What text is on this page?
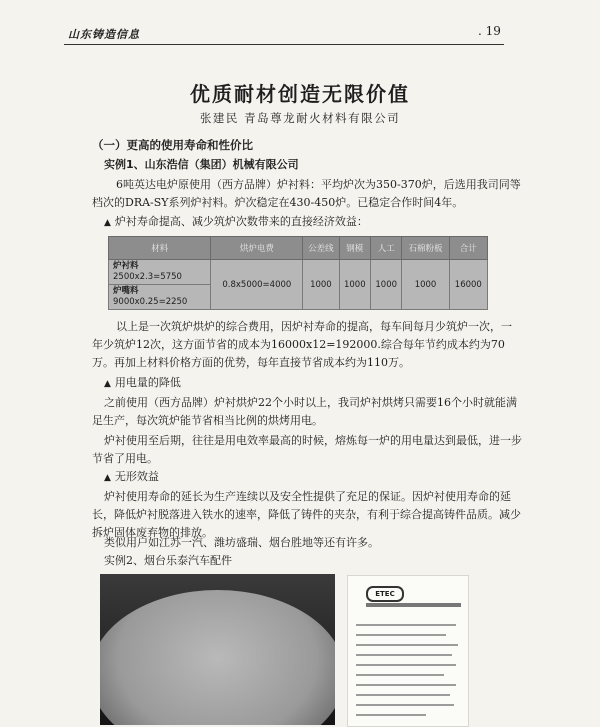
山东铸造信息	. 19
优质耐材创造无限价值
张建民 青岛尊龙耐火材料有限公司
（一）更高的使用寿命和性价比
实例1、山东浩信（集团）机械有限公司
6吨英达电炉原使用（西方品牌）炉衬料：平均炉次为350-370炉，后选用我司同等档次的DRA-SY系列炉衬料。炉次稳定在430-450炉。已稳定合作时间4年。
▲ 炉衬寿命提高、减少筑炉次数带来的直接经济效益：
材料	烘炉电费	公差线	钢模	人工	石棉粉板	合计
炉衬料
2500x2.3=5750	0.8x5000=4000	1000	1000	1000	1000	16000
炉嘴料
9000x0.25=2250						
以上是一次筑炉烘炉的综合费用，因炉衬寿命的提高，每车间每月少筑炉一次，一年少筑炉12次，这方面节省的成本为16000x12=192000.综合每年节约成本约为70万。再加上材料价格方面的优势，每年直接节省成本约为110万。
▲ 用电量的降低
之前使用（西方品牌）炉衬烘炉22个小时以上，我司炉衬烘烤只需要16个小时就能满足生产，每次筑炉能节省相当比例的烘烤用电。
炉衬使用至后期，往往是用电效率最高的时候，熔炼每一炉的用电量达到最低，进一步节省了用电。
▲ 无形效益
炉衬使用寿命的延长为生产连续以及安全性提供了充足的保证。因炉衬使用寿命的延长，降低炉衬脱落进入铁水的速率，降低了铸件的夹杂，有利于综合提高铸件品质。减少拆炉固体废弃物的排放。
类似用户如江苏一汽、潍坊盛瑞、烟台胜地等还有许多。
实例2、烟台乐泰汽车配件
ETEC
